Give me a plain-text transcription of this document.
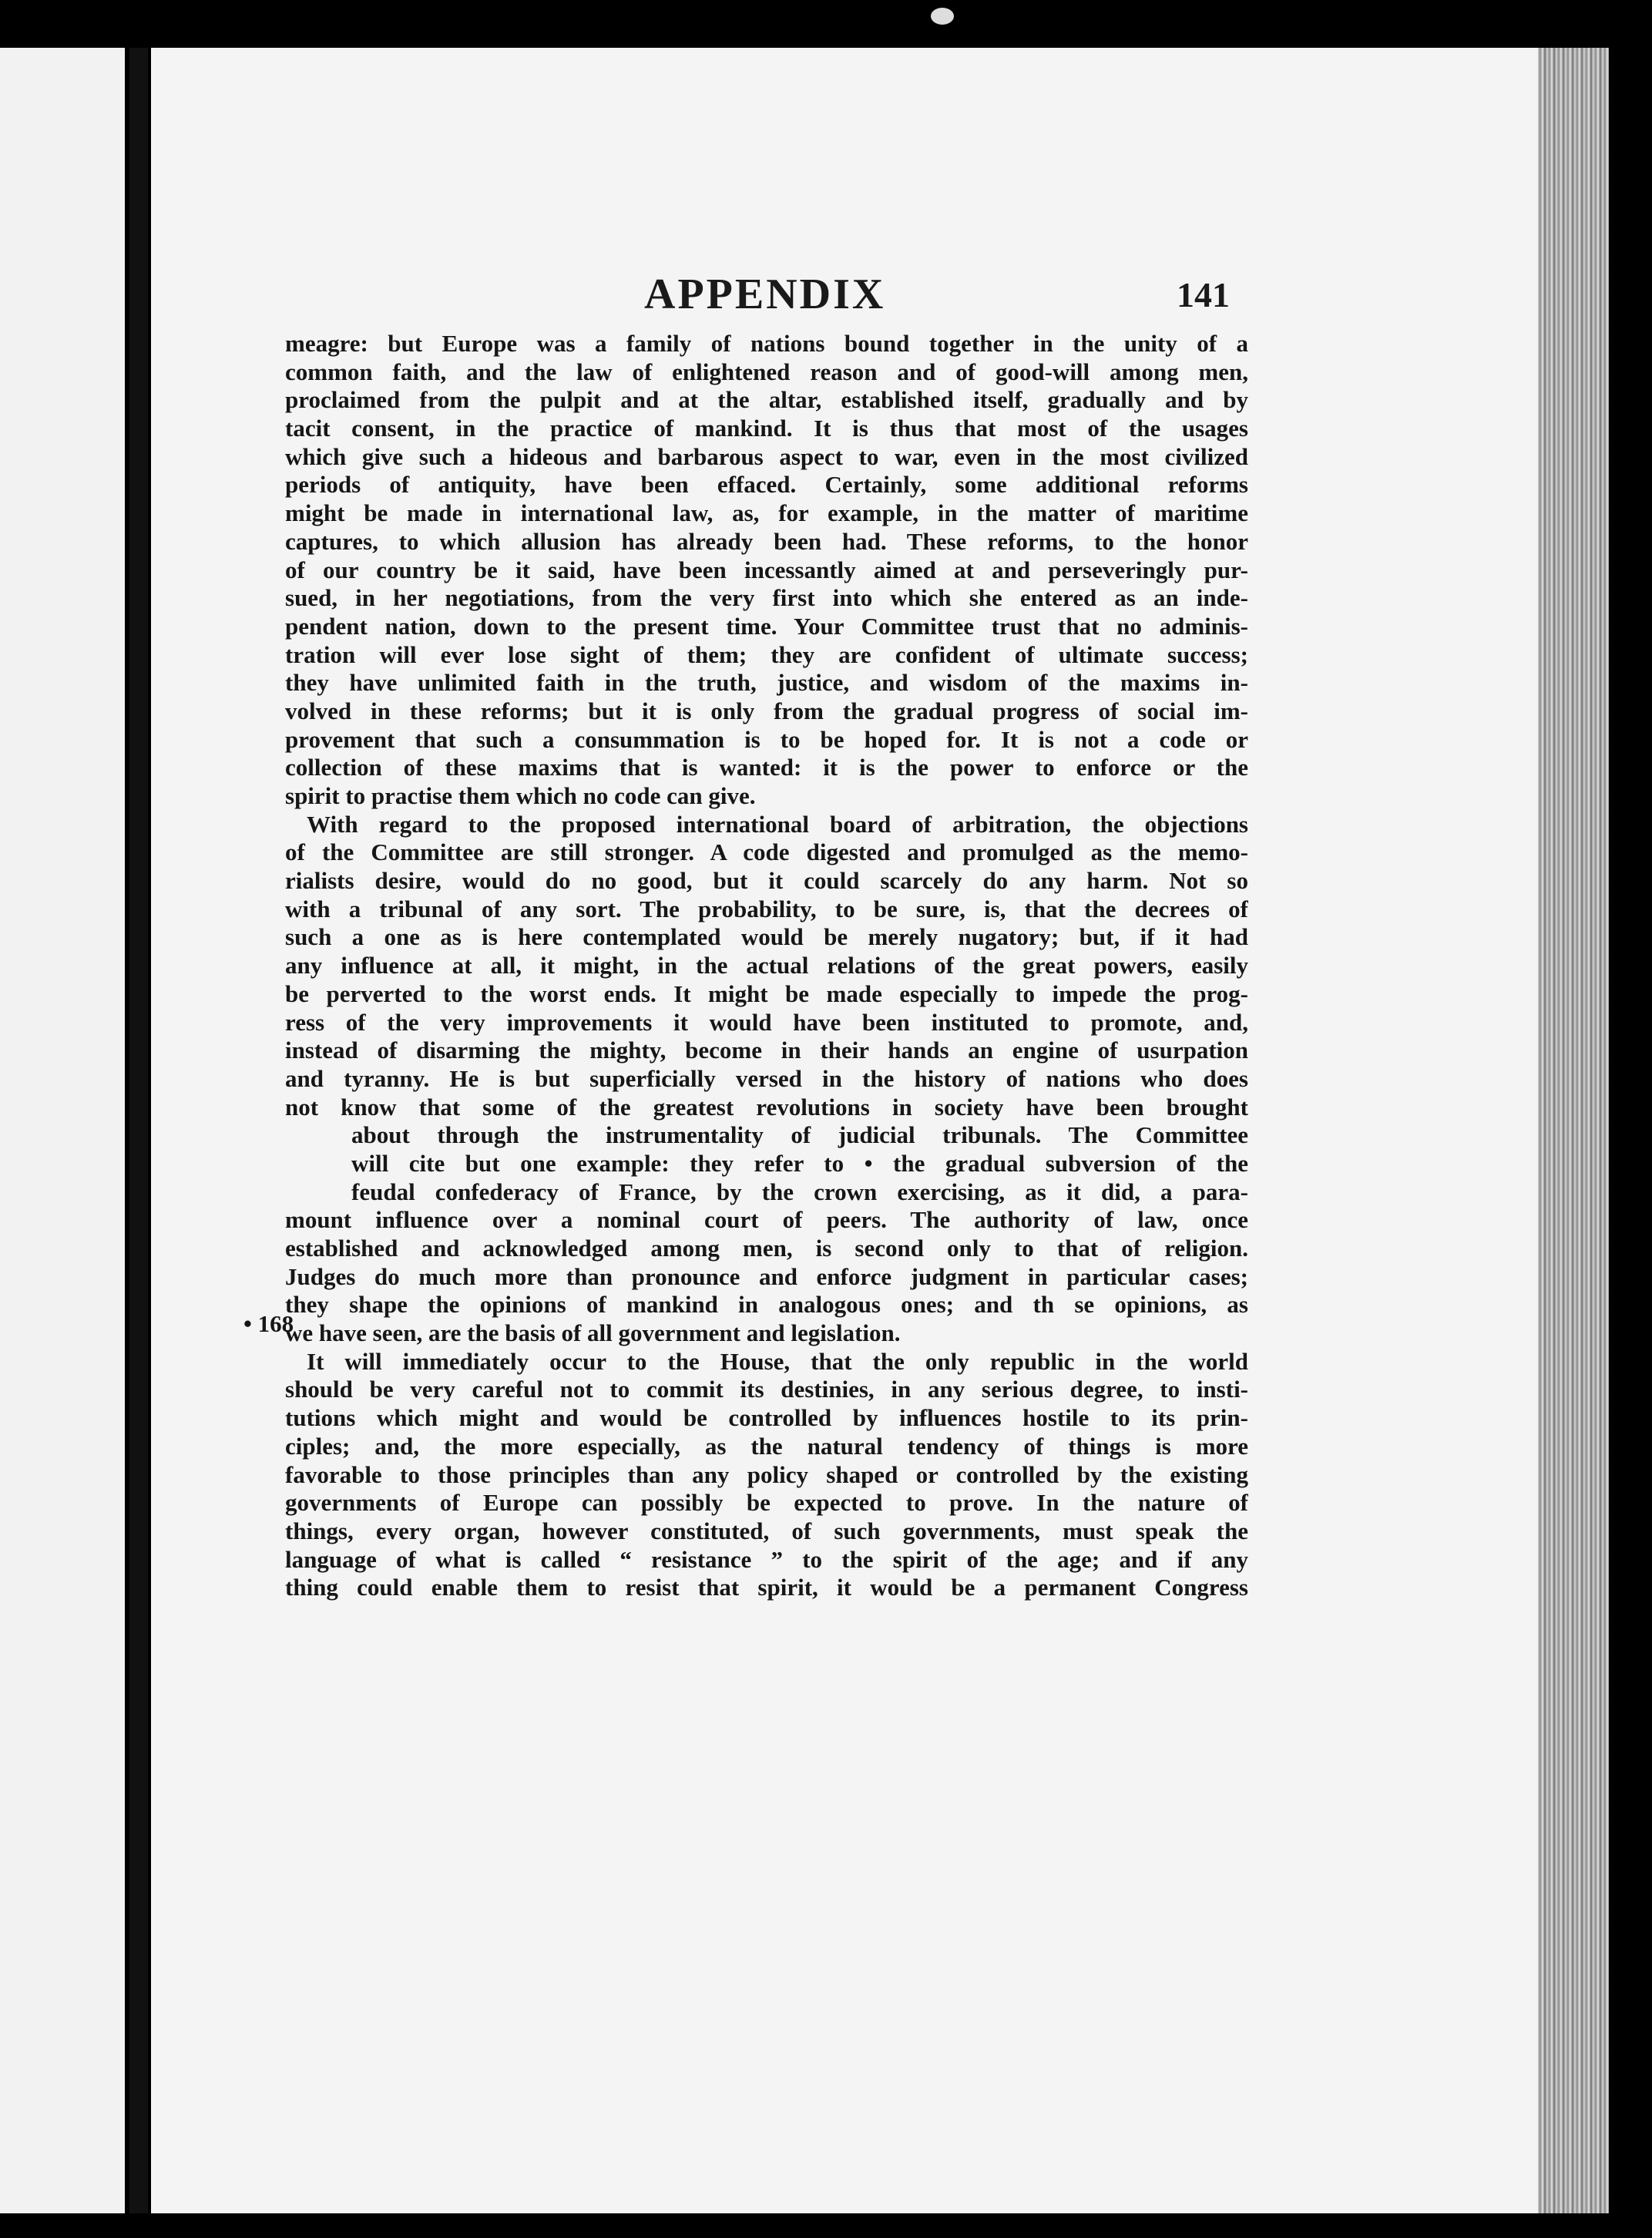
APPENDIX	141
meagre: but Europe was a family of nations bound together in the unity of a
common faith, and the law of enlightened reason and of good-will among men,
proclaimed from the pulpit and at the altar, established itself, gradually and by
tacit consent, in the practice of mankind. It is thus that most of the usages
which give such a hideous and barbarous aspect to war, even in the most civilized
periods of antiquity, have been effaced. Certainly, some additional reforms
might be made in international law, as, for example, in the matter of maritime
captures, to which allusion has already been had. These reforms, to the honor
of our country be it said, have been incessantly aimed at and perseveringly pur-
sued, in her negotiations, from the very first into which she entered as an inde-
pendent nation, down to the present time. Your Committee trust that no adminis-
tration will ever lose sight of them; they are confident of ultimate success;
they have unlimited faith in the truth, justice, and wisdom of the maxims in-
volved in these reforms; but it is only from the gradual progress of social im-
provement that such a consummation is to be hoped for. It is not a code or
collection of these maxims that is wanted: it is the power to enforce or the
spirit to practise them which no code can give.
With regard to the proposed international board of arbitration, the objections
of the Committee are still stronger. A code digested and promulged as the memo-
rialists desire, would do no good, but it could scarcely do any harm. Not so
with a tribunal of any sort. The probability, to be sure, is, that the decrees of
such a one as is here contemplated would be merely nugatory; but, if it had
any influence at all, it might, in the actual relations of the great powers, easily
be perverted to the worst ends. It might be made especially to impede the prog-
ress of the very improvements it would have been instituted to promote, and,
instead of disarming the mighty, become in their hands an engine of usurpation
and tyranny. He is but superficially versed in the history of nations who does
not know that some of the greatest revolutions in society have been brought
about through the instrumentality of judicial tribunals. The Committee
will cite but one example: they refer to • the gradual subversion of the
feudal confederacy of France, by the crown exercising, as it did, a para-
mount influence over a nominal court of peers. The authority of law, once
established and acknowledged among men, is second only to that of religion.
Judges do much more than pronounce and enforce judgment in particular cases;
they shape the opinions of mankind in analogous ones; and th se opinions, as
we have seen, are the basis of all government and legislation.
It will immediately occur to the House, that the only republic in the world
should be very careful not to commit its destinies, in any serious degree, to insti-
tutions which might and would be controlled by influences hostile to its prin-
ciples; and, the more especially, as the natural tendency of things is more
favorable to those principles than any policy shaped or controlled by the existing
governments of Europe can possibly be expected to prove. In the nature of
things, every organ, however constituted, of such governments, must speak the
language of what is called “ resistance ” to the spirit of the age; and if any
thing could enable them to resist that spirit, it would be a permanent Congress
• 168
